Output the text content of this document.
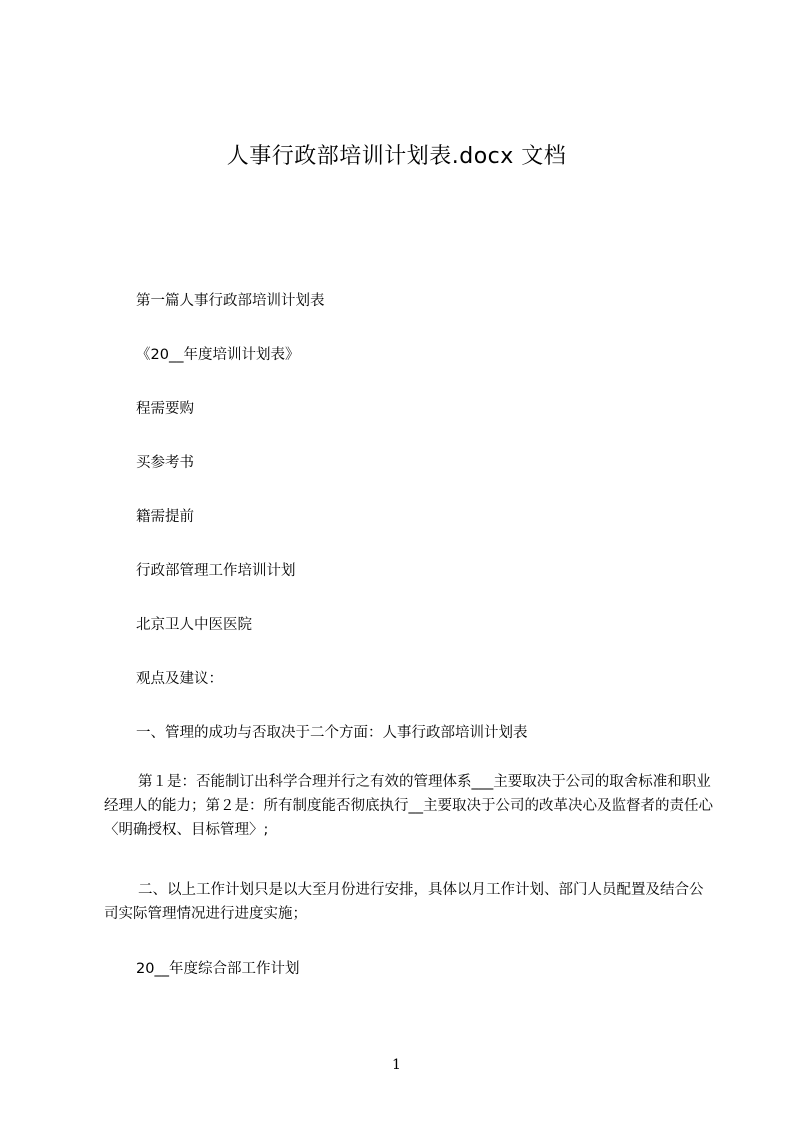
人事行政部培训计划表.docx 文档
第一篇人事行政部培训计划表
《20__年度培训计划表》
程需要购
买参考书
籍需提前
行政部管理工作培训计划
北京卫人中医医院
观点及建议：
一、管理的成功与否取决于二个方面：人事行政部培训计划表
第１是：否能制订出科学合理并行之有效的管理体系___主要取决于公司的取舍标准和职业经理人的能力；第２是：所有制度能否彻底执行__主要取决于公司的改革决心及监督者的责任心〈明确授权、目标管理〉;
二、以上工作计划只是以大至月份进行安排，具体以月工作计划、部门人员配置及结合公司实际管理情况进行进度实施；
20__年度综合部工作计划
1
